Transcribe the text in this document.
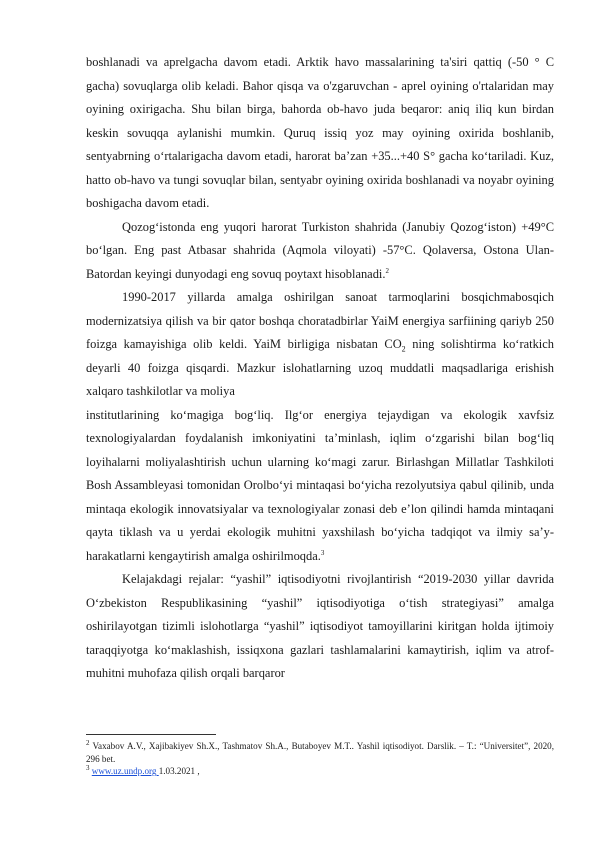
boshlanadi va aprelgacha davom etadi. Arktik havo massalarining ta'siri qattiq (-50 ° C gacha) sovuqlarga olib keladi. Bahor qisqa va o'zgaruvchan - aprel oyining o'rtalaridan may oyining oxirigacha. Shu bilan birga, bahorda ob-havo juda beqaror: aniq iliq kun birdan keskin sovuqqa aylanishi mumkin. Quruq issiq yoz may oyining oxirida boshlanib, sentyabrning oʻrtalarigacha davom etadi, harorat baʼzan +35...+40 S° gacha koʻtariladi. Kuz, hatto ob-havo va tungi sovuqlar bilan, sentyabr oyining oxirida boshlanadi va noyabr oyining boshigacha davom etadi.

Qozogʻistonda eng yuqori harorat Turkiston shahrida (Janubiy Qozogʻiston) +49°C boʻlgan. Eng past Atbasar shahrida (Aqmola viloyati) -57°C. Qolaversa, Ostona Ulan-Batordan keyingi dunyodagi eng sovuq poytaxt hisoblanadi.$^2$

1990-2017 yillarda amalga oshirilgan sanoat tarmoqlarini bosqichmabosqich modernizatsiya qilish va bir qator boshqa choratadbirlar YaiM energiya sarfiining qariyb 250 foizga kamayishiga olib keldi. YaiM birligiga nisbatan $CO_2$ ning solishtirma ko‘ratkich deyarli 40 foizga qisqardi. Mazkur islohatlarning uzoq muddatli maqsadlariga erishish xalqaro tashkilotlar va moliya

institutlarining ko‘magiga bog‘liq. Ilg‘or energiya tejaydigan va ekologik xavfsiz texnologiyalardan foydalanish imkoniyatini ta’minlash, iqlim o‘zgarishi bilan bog‘liq loyihalarni moliyalashtirish uchun ularning ko‘magi zarur. Birlashgan Millatlar Tashkiloti Bosh Assambleyasi tomonidan Orolboʻyi mintaqasi boʻyicha rezolyutsiya qabul qilinib, unda mintaqa ekologik innovatsiyalar va texnologiyalar zonasi deb eʼlon qilindi hamda mintaqani qayta tiklash va u yerdai ekologik muhitni yaxshilash boʻyicha tadqiqot va ilmiy saʼy-harakatlarni kengaytirish amalga oshirilmoqda.$^3$

Kelajakdagi rejalar: “yashil” iqtisodiyotni rivojlantirish “2019-2030 yillar davrida Oʻzbekiston Respublikasining “yashil” iqtisodiyotiga oʻtish strategiyasi” amalga oshirilayotgan tizimli islohotlarga “yashil” iqtisodiyot tamoyillarini kiritgan holda ijtimoiy taraqqiyotga koʻmaklashish, issiqxona gazlari tashlamalarini kamaytirish, iqlim va atrof-muhitni muhofaza qilish orqali barqaror

$^2$ Vaxabov A.V., Xajibakiyev Sh.X., Tashmatov Sh.A., Butaboyev M.T.. Yashil iqtisodiyot. Darslik. – T.: “Universitet”, 2020, 296 bet.

$^3$ www.uz.undp.org 1.03.2021 ,
